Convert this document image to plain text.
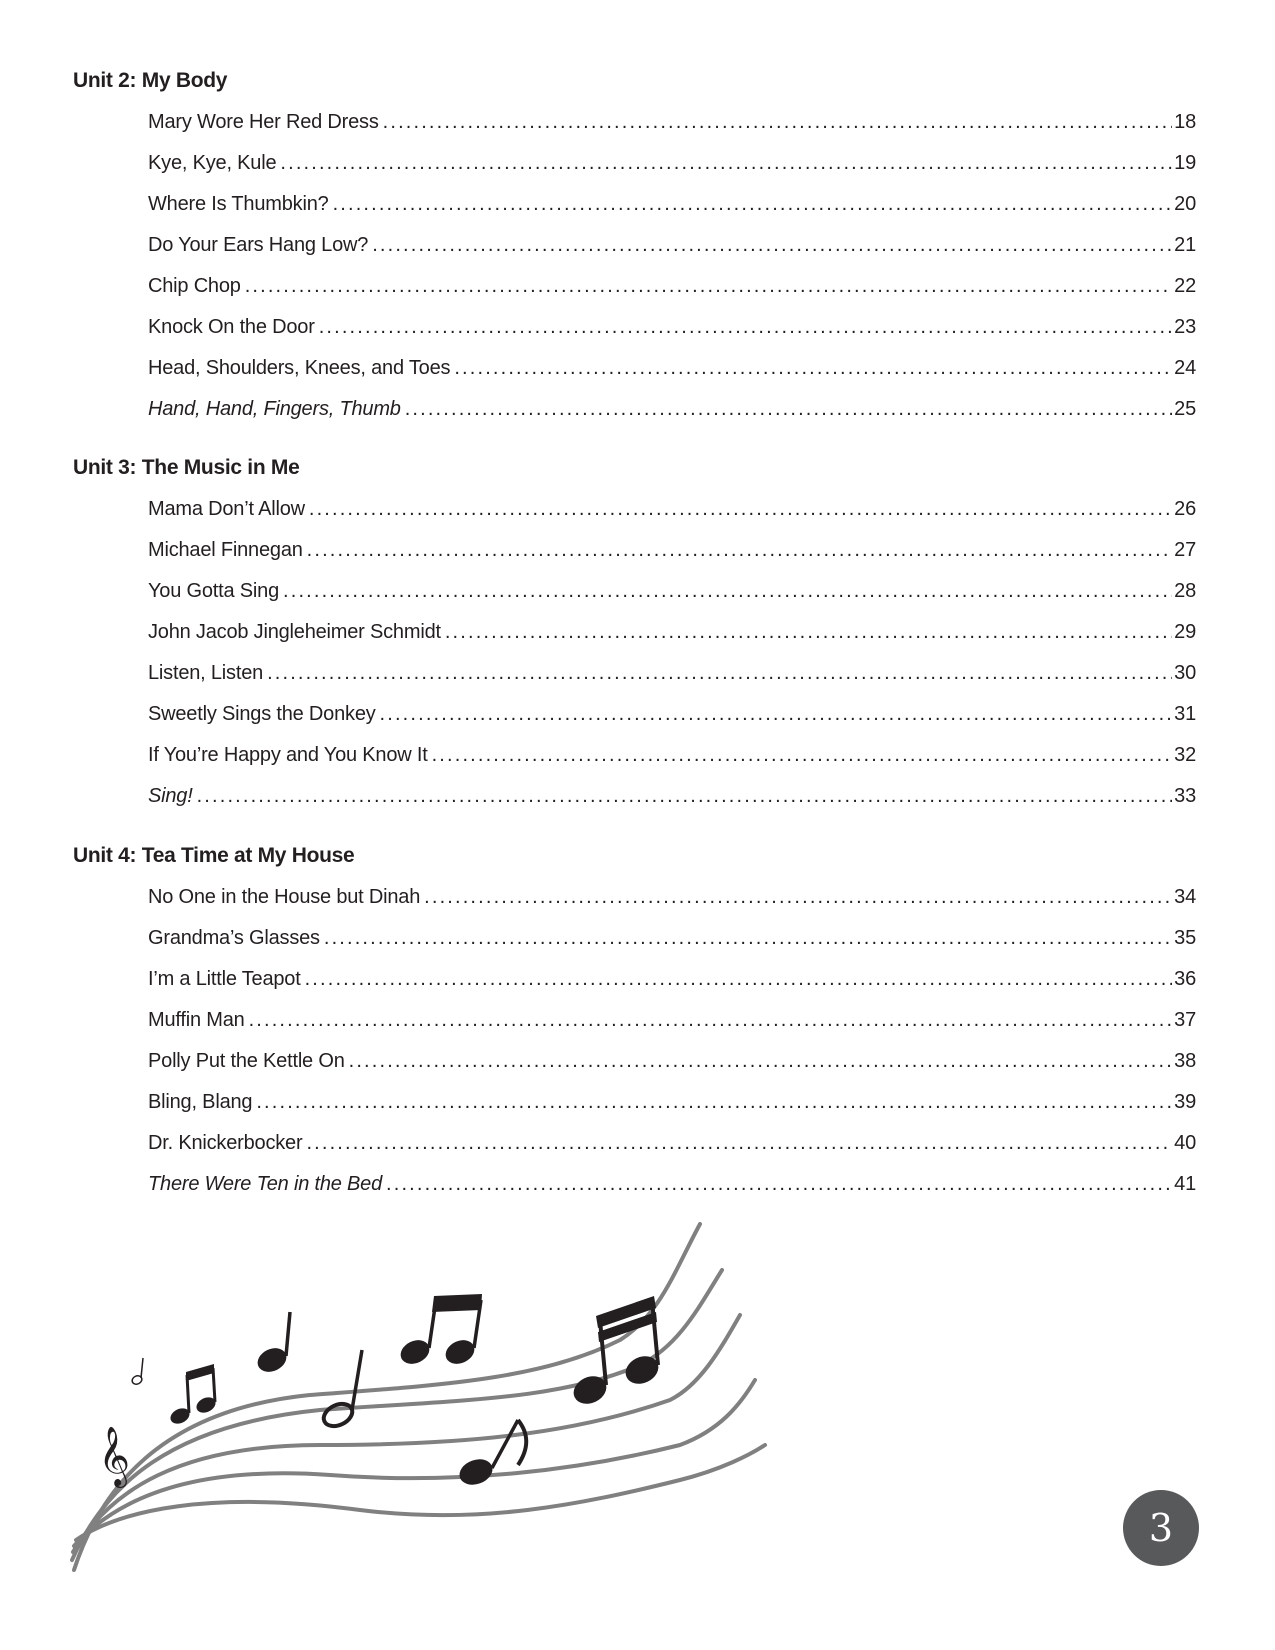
Unit 2: My Body
Mary Wore Her Red Dress . . .	18
Kye, Kye, Kule . . .	19
Where Is Thumbkin? . . .	20
Do Your Ears Hang Low? . . .	21
Chip Chop . . .	22
Knock On the Door . . .	23
Head, Shoulders, Knees, and Toes . . .	24
Hand, Hand, Fingers, Thumb . . .	25
Unit 3: The Music in Me
Mama Don’t Allow . . .	26
Michael Finnegan . . .	27
You Gotta Sing . . .	28
John Jacob Jingleheimer Schmidt . . .	29
Listen, Listen . . .	30
Sweetly Sings the Donkey . . .	31
If You’re Happy and You Know It . . .	32
Sing! . . .	33
Unit 4: Tea Time at My House
No One in the House but Dinah . . .	34
Grandma’s Glasses . . .	35
I’m a Little Teapot . . .	36
Muffin Man . . .	37
Polly Put the Kettle On . . .	38
Bling, Blang . . .	39
Dr. Knickerbocker . . .	40
There Were Ten in the Bed . . .	41
𝄞
3
